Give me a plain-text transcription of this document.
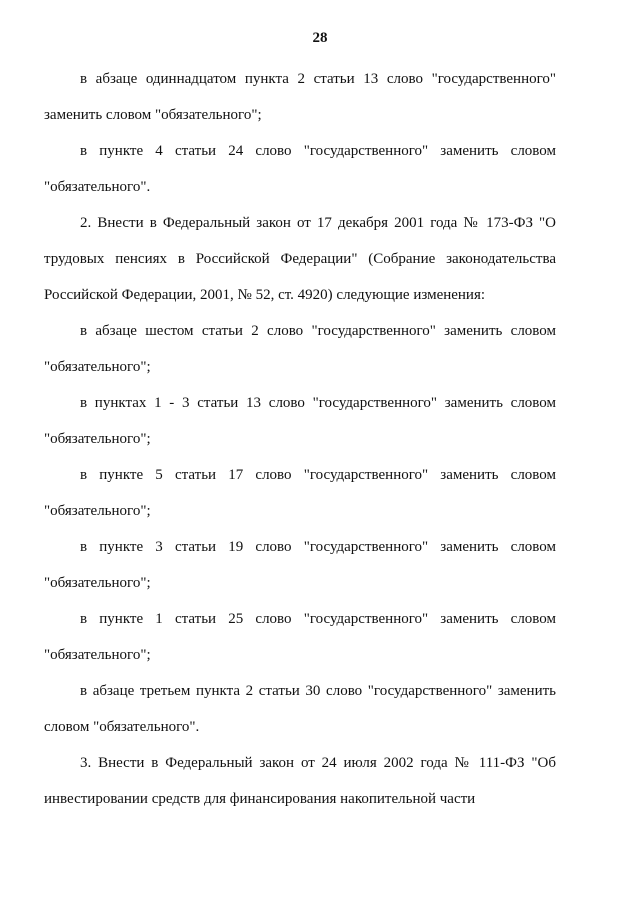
28

в абзаце одиннадцатом пункта 2 статьи 13 слово "государственного" заменить словом "обязательного";

в пункте 4 статьи 24 слово "государственного" заменить словом "обязательного".

2. Внести в Федеральный закон от 17 декабря 2001 года № 173-ФЗ "О трудовых пенсиях в Российской Федерации" (Собрание законодательства Российской Федерации, 2001, № 52, ст. 4920) следующие изменения:

в абзаце шестом статьи 2 слово "государственного" заменить словом "обязательного";

в пунктах 1 - 3 статьи 13 слово "государственного" заменить словом "обязательного";

в пункте 5 статьи 17 слово "государственного" заменить словом "обязательного";

в пункте 3 статьи 19 слово "государственного" заменить словом "обязательного";

в пункте 1 статьи 25 слово "государственного" заменить словом "обязательного";

в абзаце третьем пункта 2 статьи 30 слово "государственного" заменить словом "обязательного".

3. Внести в Федеральный закон от 24 июля 2002 года № 111-ФЗ "Об инвестировании средств для финансирования накопительной части
